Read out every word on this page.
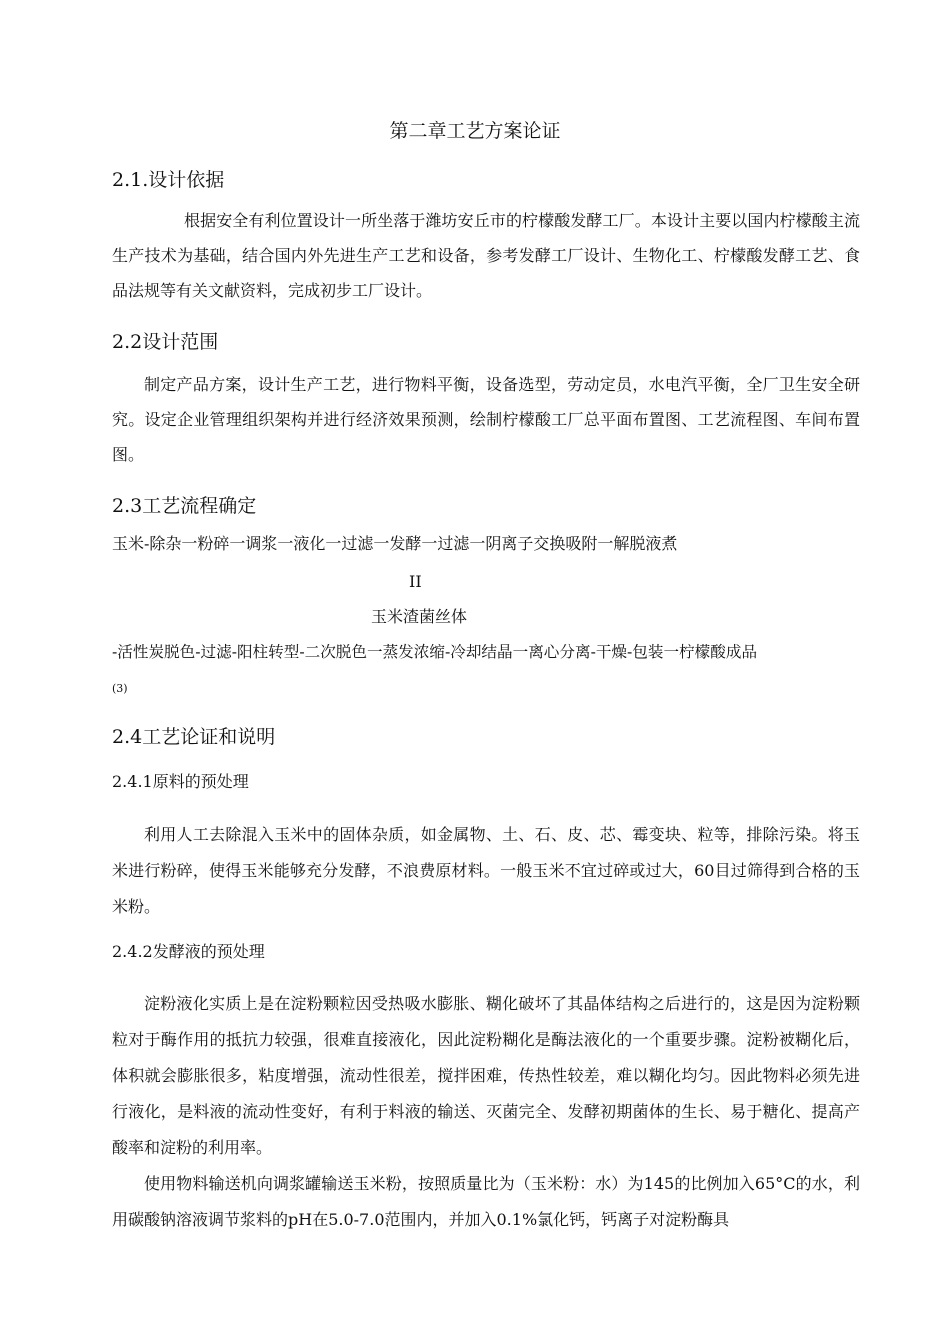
第二章工艺方案论证
2.1.设计依据
根据安全有利位置设计一所坐落于潍坊安丘市的柠檬酸发酵工厂。本设计主要以国内柠檬酸主流生产技术为基础，结合国内外先进生产工艺和设备，参考发酵工厂设计、生物化工、柠檬酸发酵工艺、食品法规等有关文献资料，完成初步工厂设计。
2.2设计范围
制定产品方案，设计生产工艺，进行物料平衡，设备选型，劳动定员，水电汽平衡，全厂卫生安全研究。设定企业管理组织架构并进行经济效果预测，绘制柠檬酸工厂总平面布置图、工艺流程图、车间布置图。
2.3工艺流程确定
玉米-除杂一粉碎一调浆一液化一过滤一发酵一过滤一阴离子交换吸附一解脱液煮
II
玉米渣菌丝体
-活性炭脱色-过滤-阳柱转型-二次脱色一蒸发浓缩-冷却结晶一离心分离-干燥-包装一柠檬酸成品
(3)
2.4工艺论证和说明
2.4.1原料的预处理
利用人工去除混入玉米中的固体杂质，如金属物、土、石、皮、芯、霉变块、粒等，排除污染。将玉米进行粉碎，使得玉米能够充分发酵，不浪费原材料。一般玉米不宜过碎或过大，60目过筛得到合格的玉米粉。
2.4.2发酵液的预处理
淀粉液化实质上是在淀粉颗粒因受热吸水膨胀、糊化破坏了其晶体结构之后进行的，这是因为淀粉颗粒对于酶作用的抵抗力较强，很难直接液化，因此淀粉糊化是酶法液化的一个重要步骤。淀粉被糊化后，体积就会膨胀很多，粘度增强，流动性很差，搅拌困难，传热性较差，难以糊化均匀。因此物料必须先进行液化，是料液的流动性变好，有利于料液的输送、灭菌完全、发酵初期菌体的生长、易于糖化、提高产酸率和淀粉的利用率。
使用物料输送机向调浆罐输送玉米粉，按照质量比为（玉米粉：水）为145的比例加入65°C的水，利用碳酸钠溶液调节浆料的pH在5.0-7.0范围内，并加入0.1%氯化钙，钙离子对淀粉酶具
